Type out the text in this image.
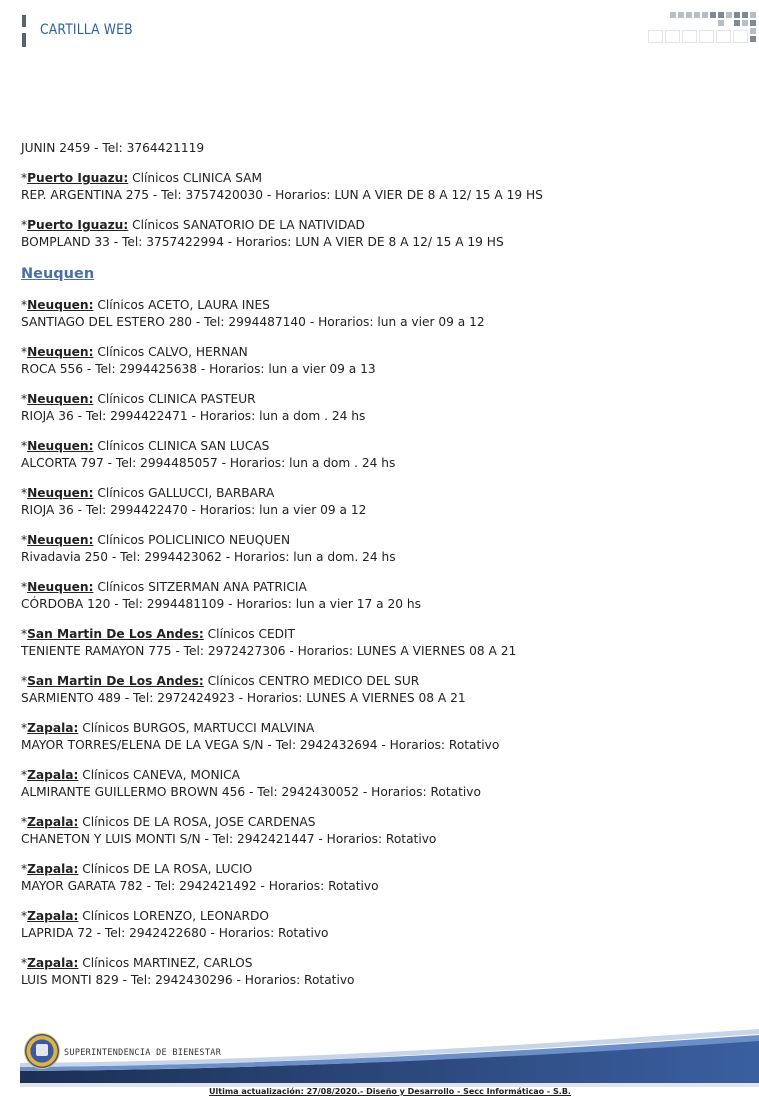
CARTILLA WEB
JUNIN 2459 - Tel: 3764421119
*Puerto Iguazu: Clínicos CLINICA SAM
REP. ARGENTINA 275 - Tel: 3757420030 - Horarios: LUN A VIER DE 8 A 12/ 15 A 19 HS
*Puerto Iguazu: Clínicos SANATORIO DE LA NATIVIDAD
BOMPLAND 33 - Tel: 3757422994 - Horarios: LUN A VIER DE 8 A 12/ 15 A 19 HS
Neuquen
*Neuquen: Clínicos ACETO, LAURA INES
SANTIAGO DEL ESTERO 280 - Tel: 2994487140 - Horarios: lun a vier 09 a 12
*Neuquen: Clínicos CALVO, HERNAN
ROCA 556 - Tel: 2994425638 - Horarios: lun a vier 09 a 13
*Neuquen: Clínicos CLINICA PASTEUR
RIOJA 36 - Tel: 2994422471 - Horarios: lun a dom . 24 hs
*Neuquen: Clínicos CLINICA SAN LUCAS
ALCORTA 797 - Tel: 2994485057 - Horarios: lun a dom . 24 hs
*Neuquen: Clínicos GALLUCCI, BARBARA
RIOJA 36 - Tel: 2994422470 - Horarios: lun a vier 09 a 12
*Neuquen: Clínicos POLICLINICO NEUQUEN
Rivadavia 250 - Tel: 2994423062 - Horarios: lun a dom. 24 hs
*Neuquen: Clínicos SITZERMAN ANA PATRICIA
CÓRDOBA 120 - Tel: 2994481109 - Horarios: lun a vier 17 a 20 hs
*San Martin De Los Andes: Clínicos CEDIT
TENIENTE RAMAYON 775 - Tel: 2972427306 - Horarios: LUNES A VIERNES 08 A 21
*San Martin De Los Andes: Clínicos CENTRO MEDICO DEL SUR
SARMIENTO 489 - Tel: 2972424923 - Horarios: LUNES A VIERNES 08 A 21
*Zapala: Clínicos BURGOS, MARTUCCI MALVINA
MAYOR TORRES/ELENA DE LA VEGA S/N - Tel: 2942432694 - Horarios: Rotativo
*Zapala: Clínicos CANEVA, MONICA
ALMIRANTE GUILLERMO BROWN 456 - Tel: 2942430052 - Horarios: Rotativo
*Zapala: Clínicos DE LA ROSA, JOSE CARDENAS
CHANETON Y LUIS MONTI S/N - Tel: 2942421447 - Horarios: Rotativo
*Zapala: Clínicos DE LA ROSA, LUCIO
MAYOR GARATA 782 - Tel: 2942421492 - Horarios: Rotativo
*Zapala: Clínicos LORENZO, LEONARDO
LAPRIDA 72 - Tel: 2942422680 - Horarios: Rotativo
*Zapala: Clínicos MARTINEZ, CARLOS
LUIS MONTI 829 - Tel: 2942430296 - Horarios: Rotativo
SUPERINTENDENCIA DE BIENESTAR
Ultima actualización: 27/08/2020.- Diseño y Desarrollo - Secc Informáticao - S.B.
